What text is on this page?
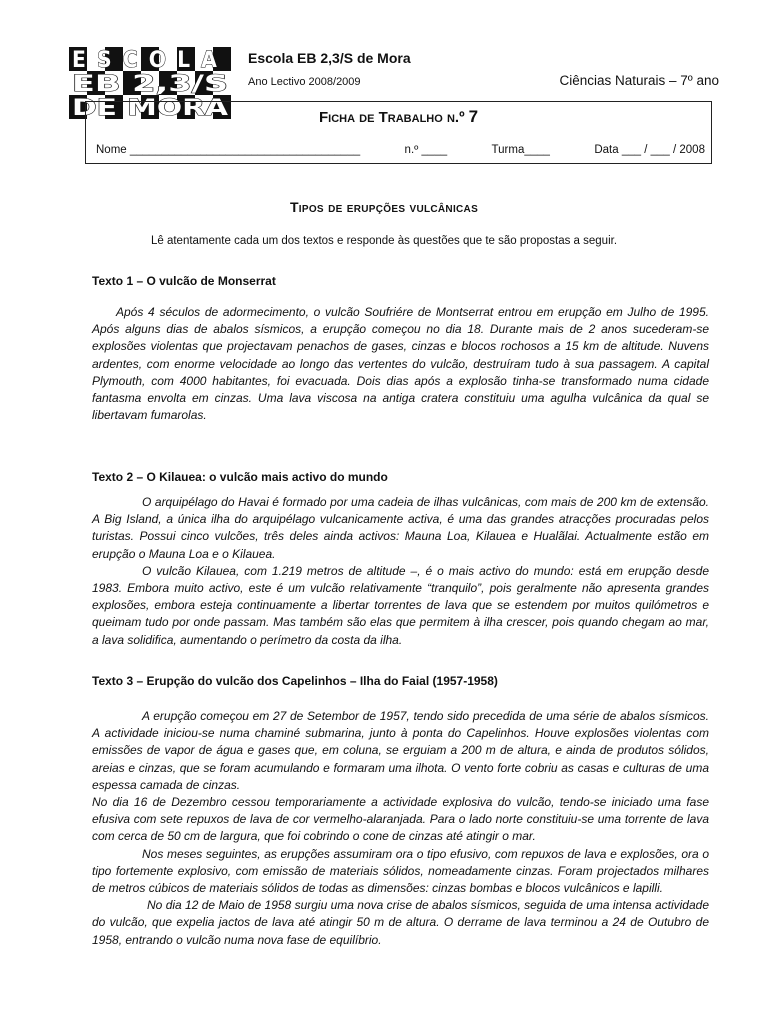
ESCOLA
EB 2,3/S
DE MORA
Escola EB 2,3/S de Mora
Ano Lectivo 2008/2009	Ciências Naturais – 7º ano
Ficha de Trabalho n.º 7
Nome ____________________________________	n.º ____	Turma____	Data ___ / ___ / 2008
Tipos de erupções vulcânicas
Lê atentamente cada um dos textos e responde às questões que te são propostas a seguir.
Texto 1 – O vulcão de Monserrat

Após 4 séculos de adormecimento, o vulcão Soufriére de Montserrat entrou em erupção em Julho de 1995. Após alguns dias de abalos sísmicos, a erupção começou no dia 18. Durante mais de 2 anos sucederam-se explosões violentas que projectavam penachos de gases, cinzas e blocos rochosos a 15 km de altitude. Nuvens ardentes, com enorme velocidade ao longo das vertentes do vulcão, destruíram tudo à sua passagem. A capital Plymouth, com 4000 habitantes, foi evacuada. Dois dias após a explosão tinha-se transformado numa cidade fantasma envolta em cinzas. Uma lava viscosa na antiga cratera constituiu uma agulha vulcânica da qual se libertavam fumarolas.

Texto 2 – O Kilauea: o vulcão mais activo do mundo

O arquipélago do Havai é formado por uma cadeia de ilhas vulcânicas, com mais de 200 km de extensão. A Big Island, a única ilha do arquipélago vulcanicamente activa, é uma das grandes atracções procuradas pelos turistas. Possui cinco vulcões, três deles ainda activos: Mauna Loa, Kilauea e Hualãlai. Actualmente estão em erupção o Mauna Loa e o Kilauea.

O vulcão Kilauea, com 1.219 metros de altitude –, é o mais activo do mundo: está em erupção desde 1983. Embora muito activo, este é um vulcão relativamente “tranquilo”, pois geralmente não apresenta grandes explosões, embora esteja continuamente a libertar torrentes de lava que se estendem por muitos quilómetros e queimam tudo por onde passam. Mas também são elas que permitem à ilha crescer, pois quando chegam ao mar, a lava solidifica, aumentando o perímetro da costa da ilha.

Texto 3 – Erupção do vulcão dos Capelinhos – Ilha do Faial (1957-1958)

A erupção começou em 27 de Setembor de 1957, tendo sido precedida de uma série de abalos sísmicos. A actividade iniciou-se numa chaminé submarina, junto à ponta do Capelinhos. Houve explosões violentas com emissões de vapor de água e gases que, em coluna, se erguiam a 200 m de altura, e ainda de produtos sólidos, areias e cinzas, que se foram acumulando e formaram uma ilhota. O vento forte cobriu as casas e culturas de uma espessa camada de cinzas.

No dia 16 de Dezembro cessou temporariamente a actividade explosiva do vulcão, tendo-se iniciado uma fase efusiva com sete repuxos de lava de cor vermelho-alaranjada. Para o lado norte constituiu-se uma torrente de lava com cerca de 50 cm de largura, que foi cobrindo o cone de cinzas até atingir o mar.

Nos meses seguintes, as erupções assumiram ora o tipo efusivo, com repuxos de lava e explosões, ora o tipo fortemente explosivo, com emissão de materiais sólidos, nomeadamente cinzas. Foram projectados milhares de metros cúbicos de materiais sólidos de todas as dimensões: cinzas bombas e blocos vulcânicos e lapilli.

No dia 12 de Maio de 1958 surgiu uma nova crise de abalos sísmicos, seguida de uma intensa actividade do vulcão, que expelia jactos de lava até atingir 50 m de altura. O derrame de lava terminou a 24 de Outubro de 1958, entrando o vulcão numa nova fase de equilíbrio.
